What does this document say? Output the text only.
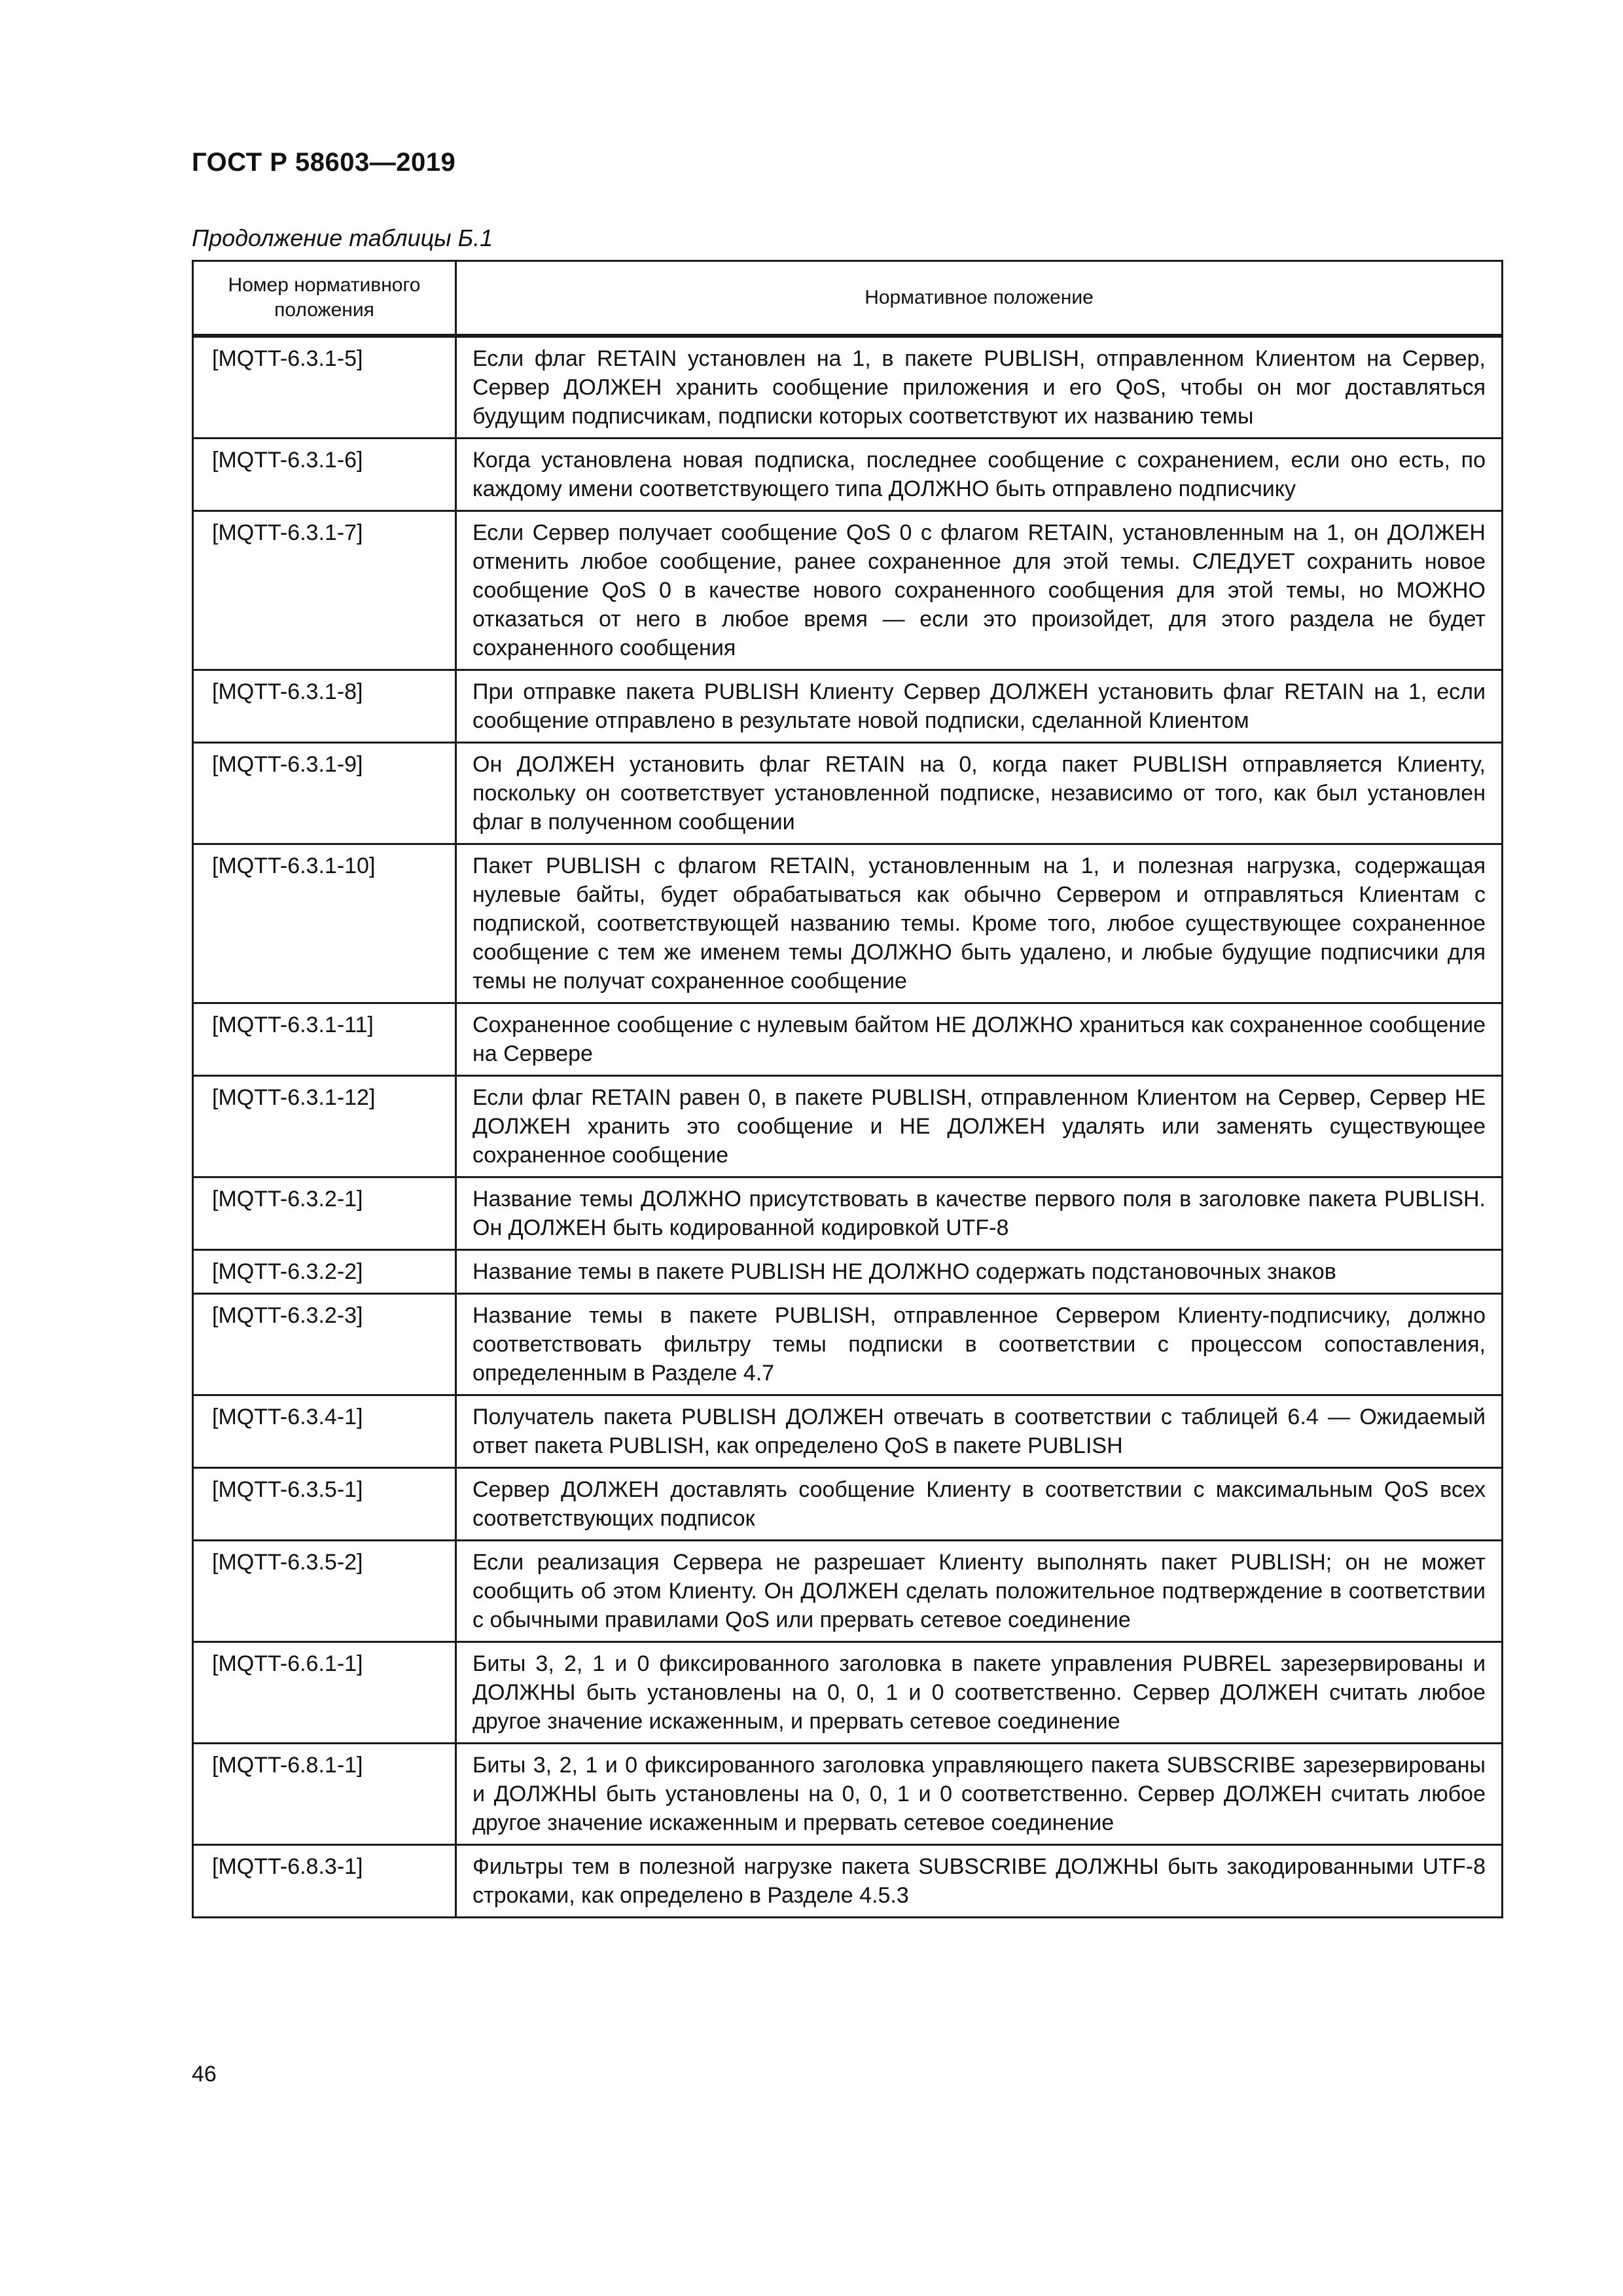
ГОСТ Р 58603—2019
Продолжение таблицы Б.1
Номер нормативного положения	Нормативное положение
[MQTT-6.3.1-5]	Если флаг RETAIN установлен на 1, в пакете PUBLISH, отправленном Клиентом на Сервер, Сервер ДОЛЖЕН хранить сообщение приложения и его QoS, чтобы он мог доставляться будущим подписчикам, подписки которых соответствуют их названию темы
[MQTT-6.3.1-6]	Когда установлена новая подписка, последнее сообщение с сохранением, если оно есть, по каждому имени соответствующего типа ДОЛЖНО быть отправлено подписчику
[MQTT-6.3.1-7]	Если Сервер получает сообщение QoS 0 с флагом RETAIN, установленным на 1, он ДОЛЖЕН отменить любое сообщение, ранее сохраненное для этой темы. СЛЕДУЕТ сохранить новое сообщение QoS 0 в качестве нового сохраненного сообщения для этой темы, но МОЖНО отказаться от него в любое время — если это произойдет, для этого раздела не будет сохраненного сообщения
[MQTT-6.3.1-8]	При отправке пакета PUBLISH Клиенту Сервер ДОЛЖЕН установить флаг RETAIN на 1, если сообщение отправлено в результате новой подписки, сделанной Клиентом
[MQTT-6.3.1-9]	Он ДОЛЖЕН установить флаг RETAIN на 0, когда пакет PUBLISH отправляется Клиенту, поскольку он соответствует установленной подписке, независимо от того, как был установлен флаг в полученном сообщении
[MQTT-6.3.1-10]	Пакет PUBLISH с флагом RETAIN, установленным на 1, и полезная нагрузка, содержащая нулевые байты, будет обрабатываться как обычно Сервером и отправляться Клиентам с подпиской, соответствующей названию темы. Кроме того, любое существующее сохраненное сообщение с тем же именем темы ДОЛЖНО быть удалено, и любые будущие подписчики для темы не получат сохраненное сообщение
[MQTT-6.3.1-11]	Сохраненное сообщение с нулевым байтом НЕ ДОЛЖНО храниться как сохраненное сообщение на Сервере
[MQTT-6.3.1-12]	Если флаг RETAIN равен 0, в пакете PUBLISH, отправленном Клиентом на Сервер, Сервер НЕ ДОЛЖЕН хранить это сообщение и НЕ ДОЛЖЕН удалять или заменять существующее сохраненное сообщение
[MQTT-6.3.2-1]	Название темы ДОЛЖНО присутствовать в качестве первого поля в заголовке пакета PUBLISH. Он ДОЛЖЕН быть кодированной кодировкой UTF-8
[MQTT-6.3.2-2]	Название темы в пакете PUBLISH НЕ ДОЛЖНО содержать подстановочных знаков
[MQTT-6.3.2-3]	Название темы в пакете PUBLISH, отправленное Сервером Клиенту-подписчику, должно соответствовать фильтру темы подписки в соответствии с процессом сопоставления, определенным в Разделе 4.7
[MQTT-6.3.4-1]	Получатель пакета PUBLISH ДОЛЖЕН отвечать в соответствии с таблицей 6.4 — Ожидаемый ответ пакета PUBLISH, как определено QoS в пакете PUBLISH
[MQTT-6.3.5-1]	Сервер ДОЛЖЕН доставлять сообщение Клиенту в соответствии с максимальным QoS всех соответствующих подписок
[MQTT-6.3.5-2]	Если реализация Сервера не разрешает Клиенту выполнять пакет PUBLISH; он не может сообщить об этом Клиенту. Он ДОЛЖЕН сделать положительное подтверждение в соответствии с обычными правилами QoS или прервать сетевое соединение
[MQTT-6.6.1-1]	Биты 3, 2, 1 и 0 фиксированного заголовка в пакете управления PUBREL зарезервированы и ДОЛЖНЫ быть установлены на 0, 0, 1 и 0 соответственно. Сервер ДОЛЖЕН считать любое другое значение искаженным, и прервать сетевое соединение
[MQTT-6.8.1-1]	Биты 3, 2, 1 и 0 фиксированного заголовка управляющего пакета SUBSCRIBE зарезервированы и ДОЛЖНЫ быть установлены на 0, 0, 1 и 0 соответственно. Сервер ДОЛЖЕН считать любое другое значение искаженным и прервать сетевое соединение
[MQTT-6.8.3-1]	Фильтры тем в полезной нагрузке пакета SUBSCRIBE ДОЛЖНЫ быть закодированными UTF-8 строками, как определено в Разделе 4.5.3
46
